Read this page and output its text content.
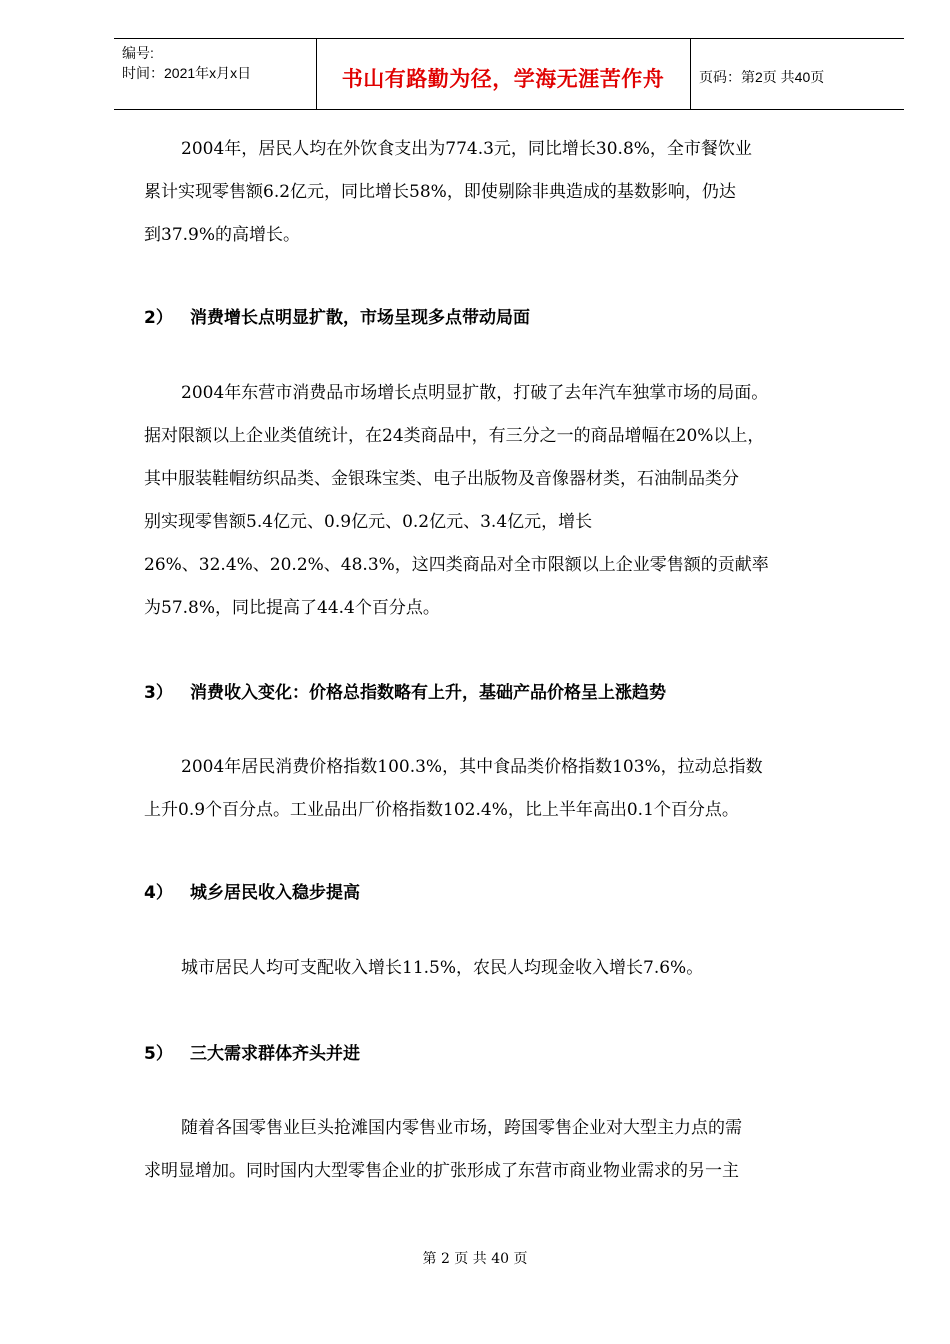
编号:
时间：2021年x月x日	书山有路勤为径，学海无涯苦作舟	页码：第2页 共40页
2004年，居民人均在外饮食支出为774.3元，同比增长30.8%，全市餐饮业
累计实现零售额6.2亿元，同比增长58%，即使剔除非典造成的基数影响，仍达
到37.9%的高增长。
2） 消费增长点明显扩散，市场呈现多点带动局面
2004年东营市消费品市场增长点明显扩散，打破了去年汽车独掌市场的局面。
据对限额以上企业类值统计，在24类商品中，有三分之一的商品增幅在20%以上，
其中服装鞋帽纺织品类、金银珠宝类、电子出版物及音像器材类，石油制品类分
别实现零售额5.4亿元、0.9亿元、0.2亿元、3.4亿元，增长
26%、32.4%、20.2%、48.3%，这四类商品对全市限额以上企业零售额的贡献率
为57.8%，同比提高了44.4个百分点。
3） 消费收入变化：价格总指数略有上升，基础产品价格呈上涨趋势
2004年居民消费价格指数100.3%，其中食品类价格指数103%，拉动总指数
上升0.9个百分点。工业品出厂价格指数102.4%，比上半年高出0.1个百分点。
4） 城乡居民收入稳步提高
城市居民人均可支配收入增长11.5%，农民人均现金收入增长7.6%。
5） 三大需求群体齐头并进
随着各国零售业巨头抢滩国内零售业市场，跨国零售企业对大型主力点的需
求明显增加。同时国内大型零售企业的扩张形成了东营市商业物业需求的另一主
第 2 页 共 40 页
